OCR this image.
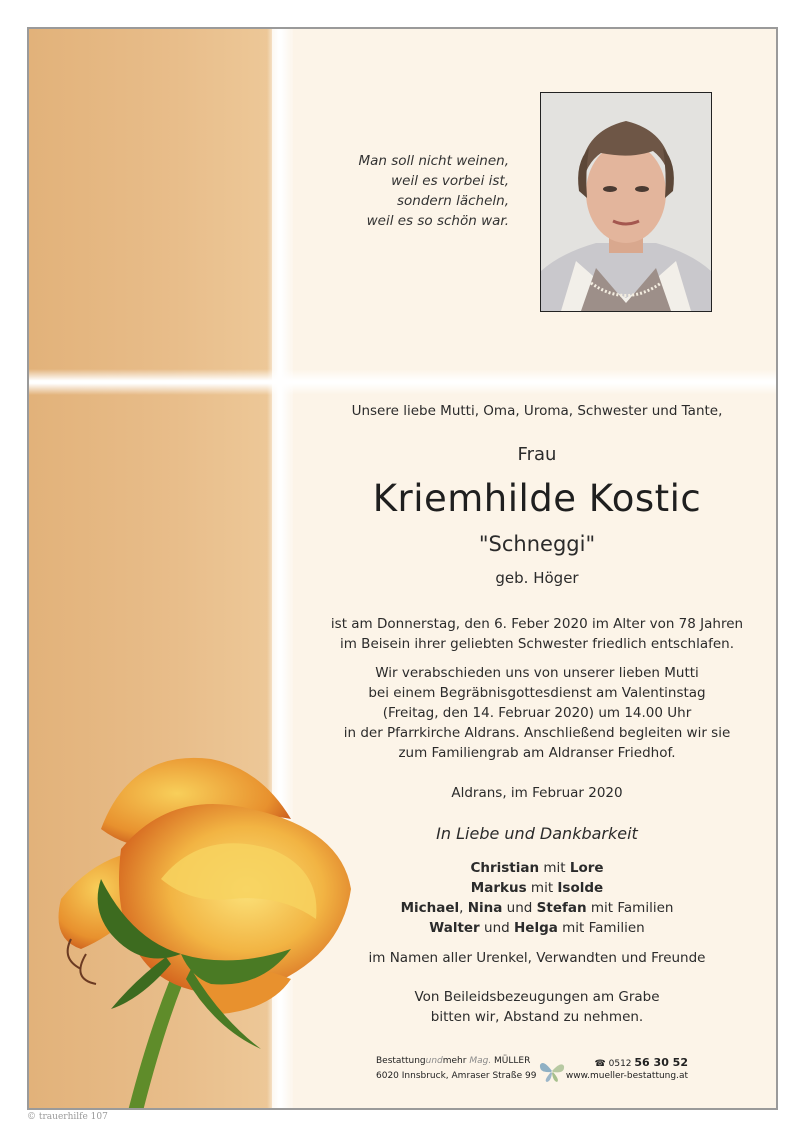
Man soll nicht weinen,
weil es vorbei ist,
sondern lächeln,
weil es so schön war.
Unsere liebe Mutti, Oma, Uroma, Schwester und Tante,
Frau
Kriemhilde Kostic
"Schneggi"
geb. Höger
ist am Donnerstag, den 6. Feber 2020 im Alter von 78 Jahren
im Beisein ihrer geliebten Schwester friedlich entschlafen.
Wir verabschieden uns von unserer lieben Mutti
bei einem Begräbnisgottesdienst am Valentinstag
(Freitag, den 14. Februar 2020) um 14.00 Uhr
in der Pfarrkirche Aldrans. Anschließend begleiten wir sie
zum Familiengrab am Aldranser Friedhof.
Aldrans, im Februar 2020
In Liebe und Dankbarkeit
Christian mit Lore
Markus mit Isolde
Michael, Nina und Stefan mit Familien
Walter und Helga mit Familien
im Namen aller Urenkel, Verwandten und Freunde
Von Beileidsbezeugungen am Grabe
bitten wir, Abstand zu nehmen.
Bestattungundmehr Mag. MÜLLER
6020 Innsbruck, Amraser Straße 99
☎ 0512 56 30 52
www.mueller-bestattung.at
© trauerhilfe 107
